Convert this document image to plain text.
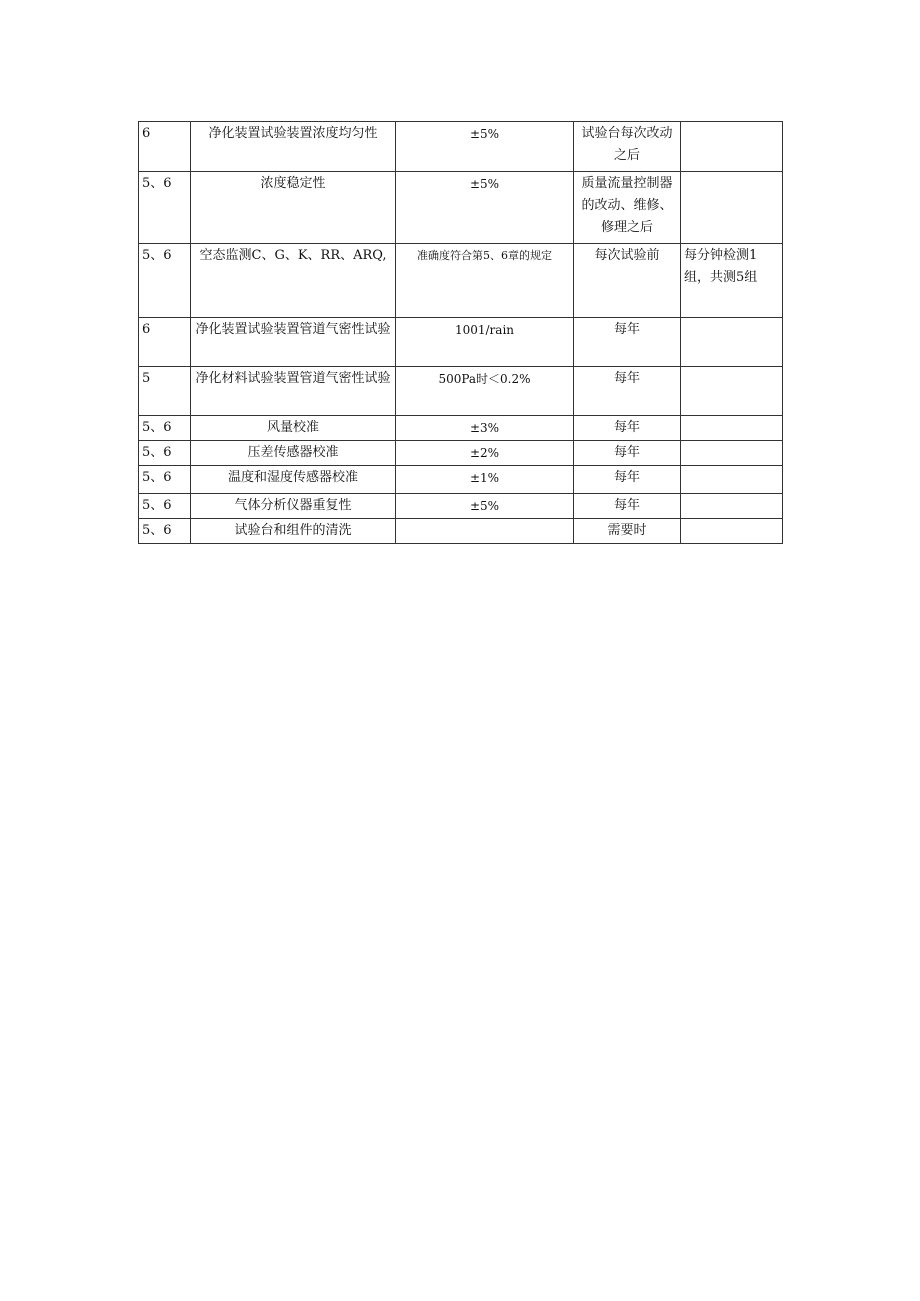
6	净化装置试验装置浓度均匀性	±5%	试验台每次改动之后	
5、6	浓度稳定性	±5%	质量流量控制器的改动、维修、修理之后	
5、6	空态监测C、G、K、RR、ARQ,	准确度符合第5、6章的规定	每次试验前	每分钟检测1组，共测5组
6	净化装置试验装置管道气密性试验	1001/rain	每年	
5	净化材料试验装置管道气密性试验	500Pa时＜0.2%	每年	
5、6	风量校准	±3%	每年	
5、6	压差传感器校准	±2%	每年	
5、6	温度和湿度传感器校准	±1%	每年	
5、6	气体分析仪器重复性	±5%	每年	
5、6	试验台和组件的清洗		需要时	
